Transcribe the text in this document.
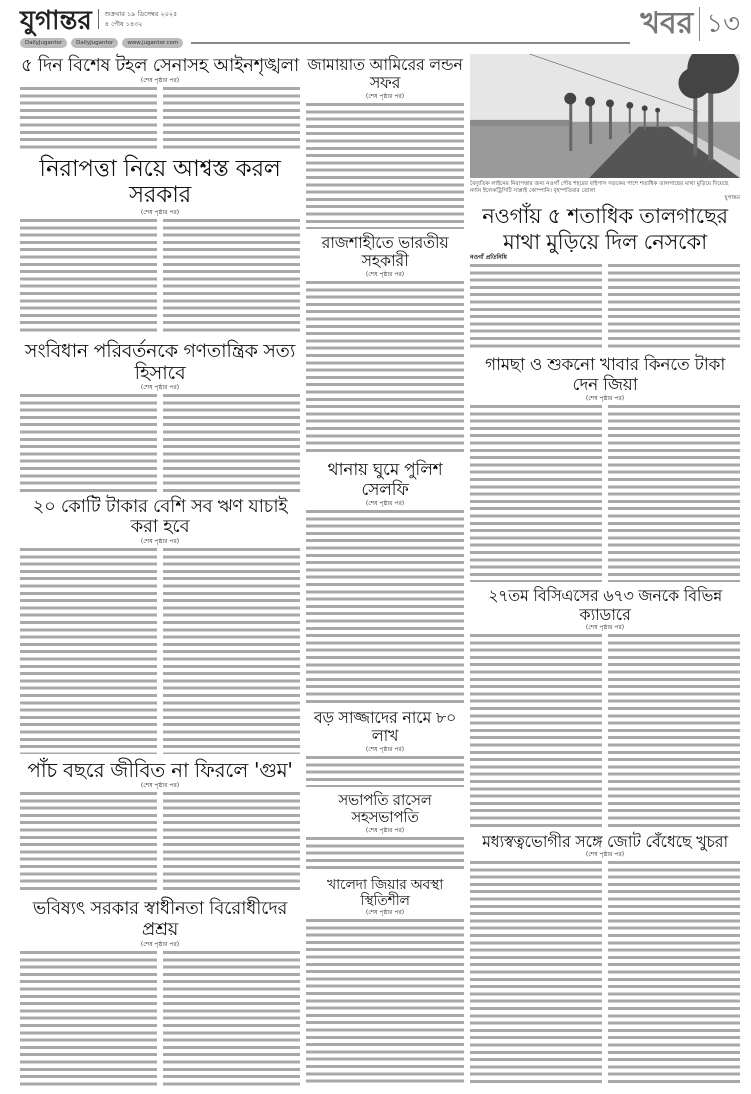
যুগান্তর শুক্রবার ১৯ ডিসেম্বর ২০২৫
৪ পৌষ ১৪৩২
DailyJugantor	DailyJugantor	www.jugantor.com
খবর ১৩
৫ দিন বিশেষ টহল সেনাসহ আইনশৃঙ্খলা
(শেষ পৃষ্ঠার পর)
নিরাপত্তা নিয়ে আশ্বস্ত করল সরকার
(শেষ পৃষ্ঠার পর)
সংবিধান পরিবর্তনকে গণতান্ত্রিক সত্য হিসাবে
(শেষ পৃষ্ঠার পর)
২০ কোটি টাকার বেশি সব ঋণ যাচাই করা হবে
(শেষ পৃষ্ঠার পর)
পাঁচ বছরে জীবিত না ফিরলে 'গুম'
(শেষ পৃষ্ঠার পর)
ভবিষ্যৎ সরকার স্বাধীনতা বিরোধীদের প্রশ্রয়
(শেষ পৃষ্ঠার পর)
জামায়াত আমিরের লন্ডন সফর
(শেষ পৃষ্ঠার পর)
রাজশাহীতে ভারতীয় সহকারী
(শেষ পৃষ্ঠার পর)
থানায় ঘুমে পুলিশ সেলফি
(শেষ পৃষ্ঠার পর)
বড় সাজ্জাদের নামে ৮০ লাখ
(শেষ পৃষ্ঠার পর)
সভাপতি রাসেল সহসভাপতি
(শেষ পৃষ্ঠার পর)
খালেদা জিয়ার অবস্থা স্থিতিশীল
(শেষ পৃষ্ঠার পর)
বৈদ্যুতিক লাইনের নিরাপত্তার জন্য নওগাঁ পৌর শহরের বাইপাস সড়কের পাশে শতাধিক তালগাছের মাথা মুড়িয়ে দিয়েছে নর্দান ইলেকট্রিসিটি সাপ্লাই কোম্পানি। বৃহস্পতিবার তোলা
যুগান্তর
নওগাঁয় ৫ শতাধিক তালগাছের
মাথা মুড়িয়ে দিল নেসকো
নওগাঁ প্রতিনিধি
গামছা ও শুকনো খাবার কিনতে টাকা দেন জিয়া
(শেষ পৃষ্ঠার পর)
২৭তম বিসিএসের ৬৭৩ জনকে বিভিন্ন ক্যাডারে
(শেষ পৃষ্ঠার পর)
মধ্যস্বত্বভোগীর সঙ্গে জোট বেঁধেছে খুচরা
(শেষ পৃষ্ঠার পর)
